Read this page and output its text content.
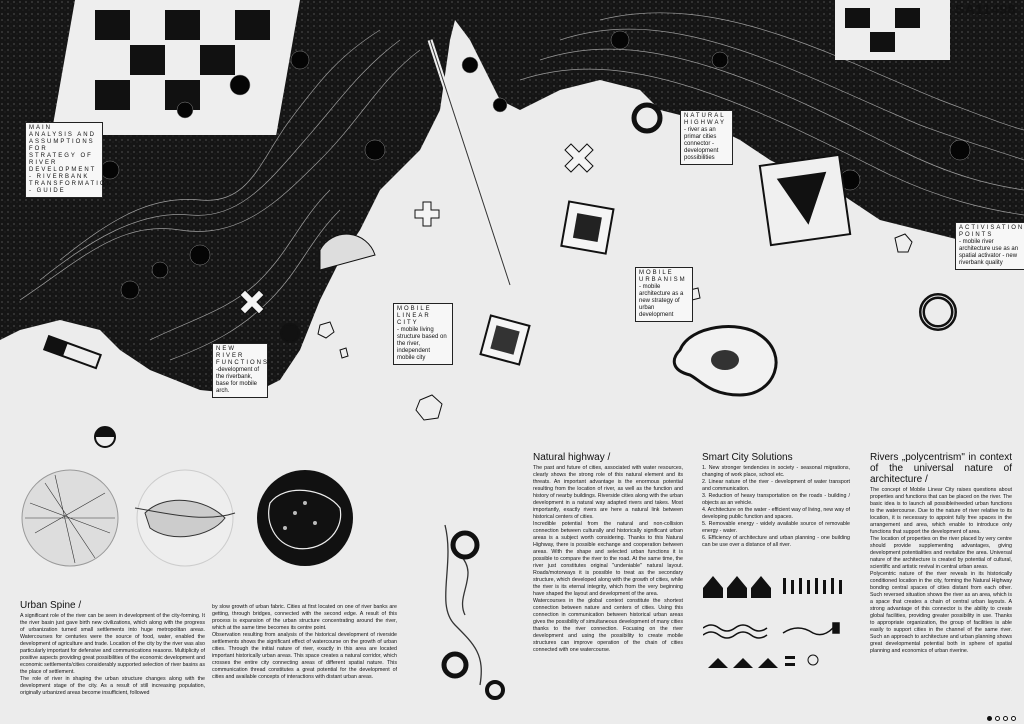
SA11498
MAIN ANALYSIS AND ASSUMPTIONS FOR STRATEGY OF RIVER DEVELOPMENT - RIVERBANK TRANSFORMATION - GUIDE
NATURAL HIGHWAY
- river as an primar cities connector - development possibilities
ACTIVISATION POINTS
- mobile river architecture use as an spatial activator - new riverbank quality
MOBILE URBANISM
- mobile architecture as a new strategy of urban development
MOBILE LINEAR CITY
- mobile living structure based on the river, independent mobile city
NEW RIVER FUNCTIONS
-development of the riverbank, base for mobile arch.
Urban Spine /

A significant role of the river can be seen in development of the city-forming. It the river basin just gave birth new civilizations, which along with the progress of urbanization turned small settlements into huge metropolitan areas. Watercourses for centuries were the source of food, water, enabled the development of agriculture and trade. Location of the city by the river was also particularly important for defensive and communications reasons. Multiplicity of positive aspects providing great possibilities of the economic development and economic settlements/cities considerably supported selection of river basins as the place of settlement.

The role of river in shaping the urban structure changes along with the development stage of the city. As a result of still increasing population, originally urbanized areas become insufficient, followed

by slow growth of urban fabric. Cities at first located on one of river banks are getting, through bridges, connected with the second edge. A result of this process is expansion of the urban structure concentrating around the river, which at the same time becomes its centre point.

Observation resulting from analysis of the historical development of riverside settlements shows the significant effect of watercourse on the growth of urban cities. Through the initial nature of river, exactly in this area are located important historically urban areas. This space creates a natural corridor, which crosses the entire city connecting areas of different spatial nature. This communication thread constitutes a great potential for the development of cities and available concepts of interactions with distant urban areas.

Natural highway /

The past and future of cities, associated with water resources, clearly shows the strong role of this natural element and its threats. An important advantage is the enormous potential resulting from the location of river, as well as the function and history of nearby buildings. Riverside cities along with the urban development in a natural way adapted rivers and takes. Most importantly, exactly rivers are here a natural link between historical centers of cities.

Incredible potential from the natural and non-collision connection between culturally and historically significant urban areas is a subject worth considering. Thanks to this Natural Highway, there is possible exchange and cooperation between areas. With the shape and selected urban functions it is possible to compare the river to the road. At the same time, the river just constitutes original "undeniable" natural layout. Roads/motorways it is possible to treat as the secondary structure, which developed along with the growth of cities, while the river is its eternal integrity, which from the very beginning have shaped the layout and development of the area.

Watercourses in the global context constitute the shortest connection between nature and centers of cities. Using this connection in communication between historical urban areas gives the possibility of simultaneous development of many cities thanks to the river connection. Focusing on the river development and using the possibility to create mobile structures can improve operation of the chain of cities connected with one watercourse.

Smart City Solutions

1. New stronger tendencies in society - seasonal migrations, changing of work place, school etc.

2. Linear nature of the river - development of water transport and communication.

3. Reduction of heavy transportation on the roads - building / objects as an vehicle.

4. Architecture on the water - efficient way of living, new way of developing public function and spaces.

5. Removable energy - widely available source of removable energy - water.

6. Efficiency of architecture and urban planning - one building can be use over a distance of all river.

Rivers „polycentrism" in context of the universal nature of architecture /

The concept of Mobile Linear City raises questions about properties and functions that can be placed on the river. The basic idea is to launch all possible/needed urban functions to the watercourse. Due to the nature of river relative to its location, it is necessary to appoint fully free spaces in the arrangement and area, which enable to introduce only functions that support the development of area.

The location of properties on the river placed by very centre should provide supplementing advantages, giving development potentialities and revitalize the area. Universal nature of the architecture is created by potential of cultural, scientific and artistic revival in central urban areas.

Polycentric nature of the river reveals in its historically conditioned location in the city, forming the Natural Highway bonding central spaces of cities distant from each other. Such reversed situation shows the river as an area, which is a space that creates a chain of central urban layouts. A strong advantage of this connector is the ability to create global facilities, providing greater possibility in use. Thanks to appropriate organization, the group of facilities is able easily to support cities in the channel of the same river. Such an approach to architecture and urban planning shows great developmental potential both in sphere of spatial planning and economics of urban riverine.
